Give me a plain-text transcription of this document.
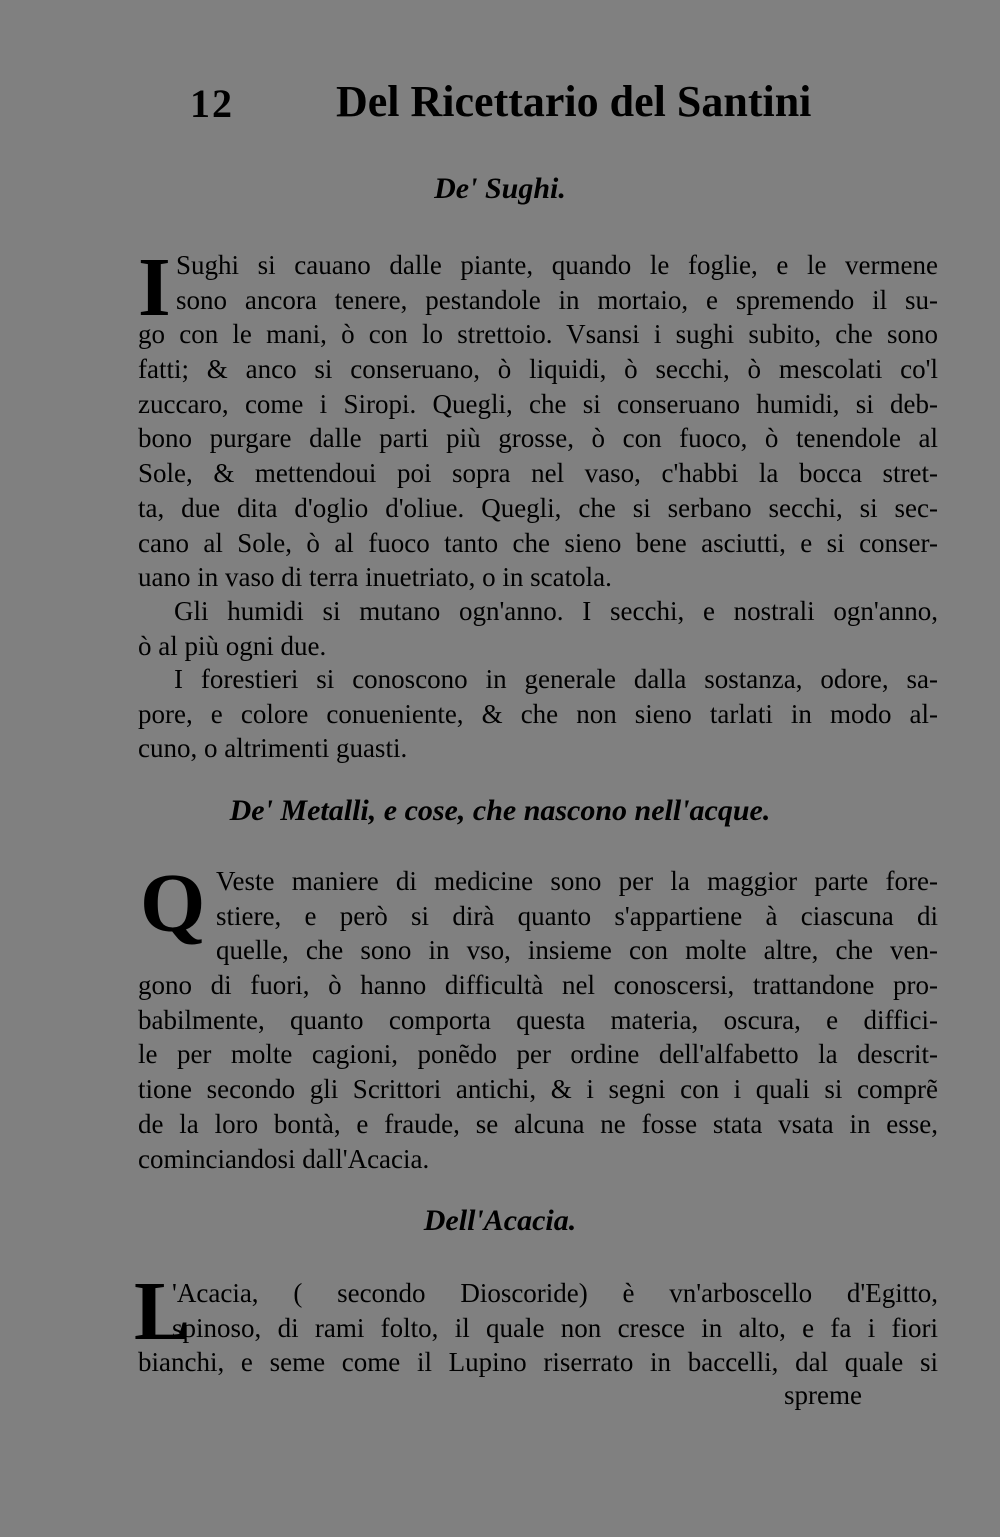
12 Del Ricettario del Santini
De' Sughi.
I Sughi si cauano dalle piante, quando le foglie, e le vermene
sono ancora tenere, pestandole in mortaio, e spremendo il su-
go con le mani, ò con lo strettoio. Vsansi i sughi subito, che sono
fatti; & anco si conseruano, ò liquidi, ò secchi, ò mescolati co'l
zuccaro, come i Siropi. Quegli, che si conseruano humidi, si deb-
bono purgare dalle parti più grosse, ò con fuoco, ò tenendole al
Sole, & mettendoui poi sopra nel vaso, c'habbi la bocca stret-
ta, due dita d'oglio d'oliue. Quegli, che si serbano secchi, si sec-
cano al Sole, ò al fuoco tanto che sieno bene asciutti, e si conser-
uano in vaso di terra inuetriato, o in scatola.
Gli humidi si mutano ogn'anno. I secchi, e nostrali ogn'anno,
ò al più ogni due.
I forestieri si conoscono in generale dalla sostanza, odore, sa-
pore, e colore conueniente, & che non sieno tarlati in modo al-
cuno, o altrimenti guasti.
De' Metalli, e cose, che nascono nell'acque.
Q Veste maniere di medicine sono per la maggior parte fore-
stiere, e però si dirà quanto s'appartiene à ciascuna di
quelle, che sono in vso, insieme con molte altre, che ven-
gono di fuori, ò hanno difficultà nel conoscersi, trattandone pro-
babilmente, quanto comporta questa materia, oscura, e diffici-
le per molte cagioni, ponẽdo per ordine dell'alfabetto la descrit-
tione secondo gli Scrittori antichi, & i segni con i quali si comprẽ
de la loro bontà, e fraude, se alcuna ne fosse stata vsata in esse,
cominciandosi dall'Acacia.
Dell'Acacia.
L
'Acacia, ( secondo Dioscoride) è vn'arboscello d'Egitto,
spinoso, di rami folto, il quale non cresce in alto, e fa i fiori
bianchi, e seme come il Lupino riserrato in baccelli, dal quale si
spreme
